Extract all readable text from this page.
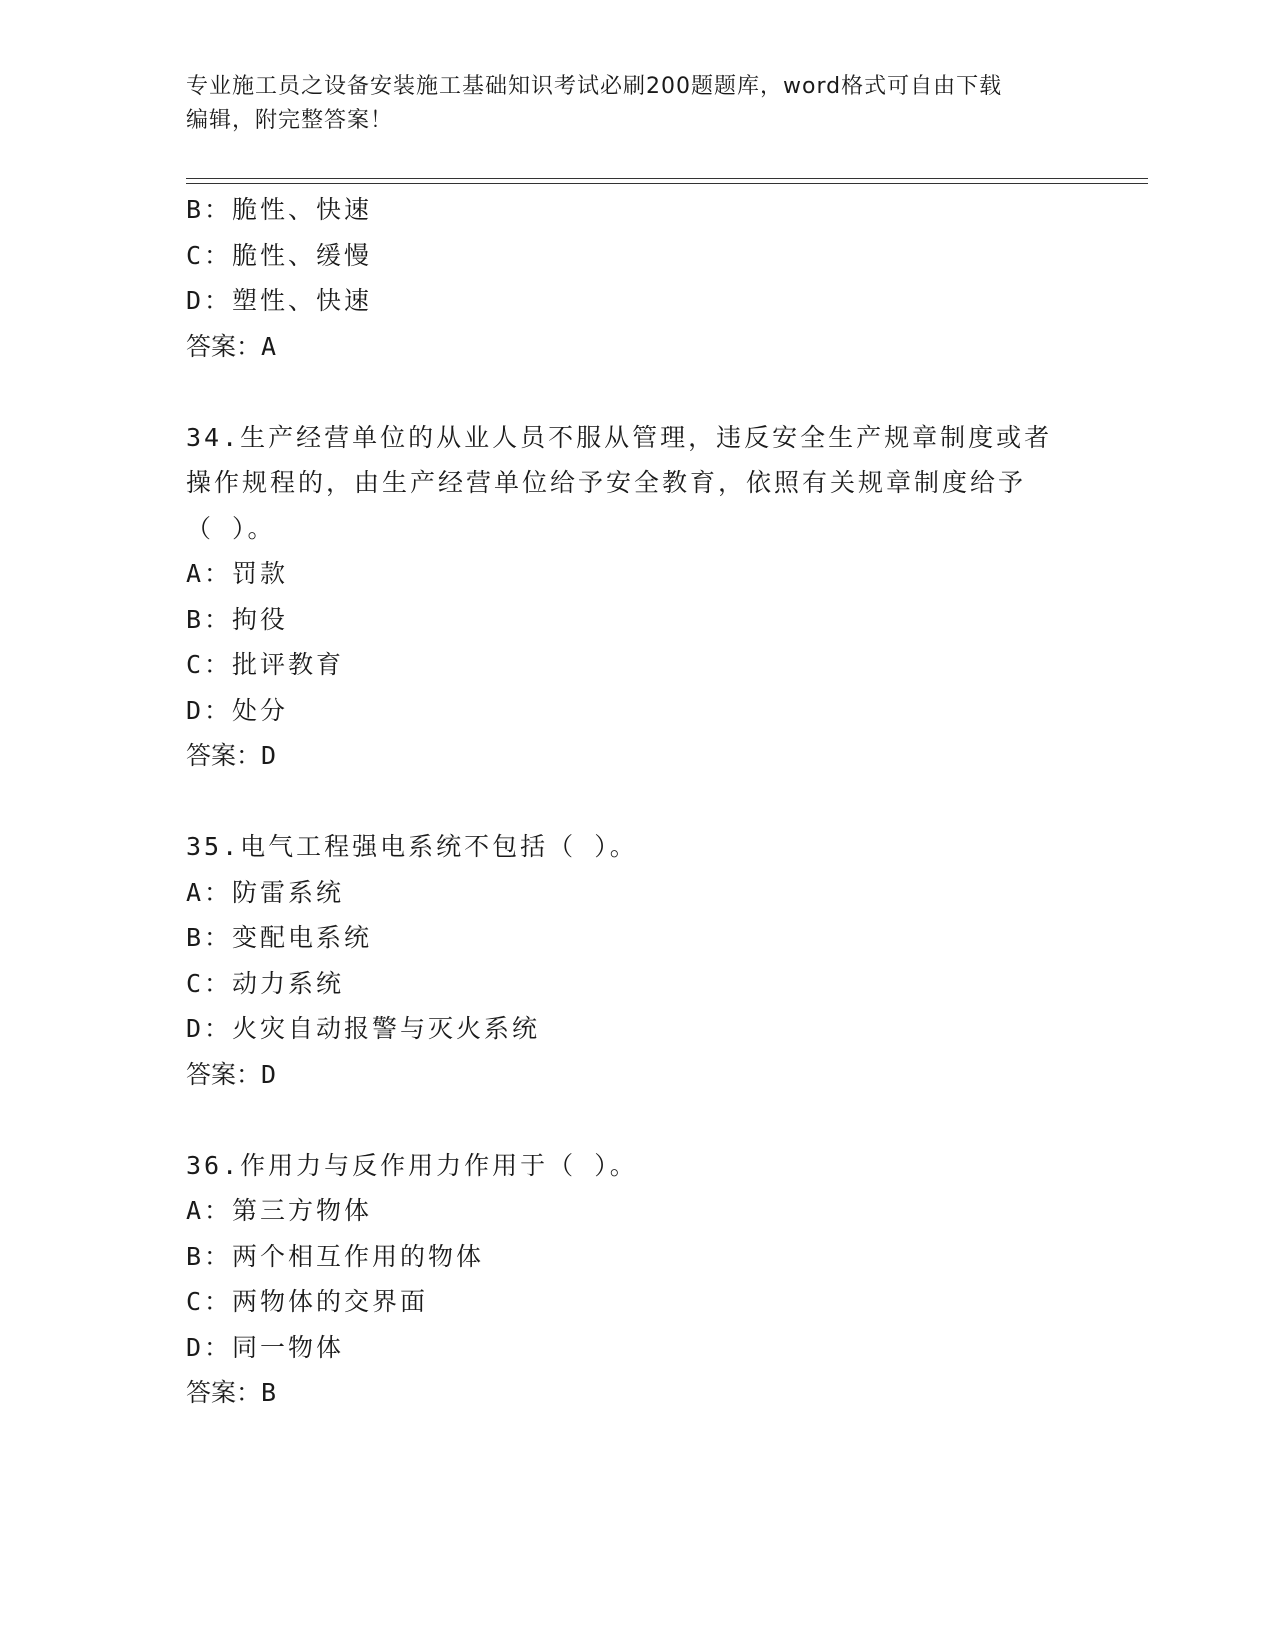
专业施工员之设备安装施工基础知识考试必刷200题题库，word格式可自由下载
编辑，附完整答案！
B：脆性、快速
C：脆性、缓慢
D：塑性、快速
答案：A
34.生产经营单位的从业人员不服从管理，违反安全生产规章制度或者
操作规程的，由生产经营单位给予安全教育，依照有关规章制度给予
（ ）。
A：罚款
B：拘役
C：批评教育
D：处分
答案：D
35.电气工程强电系统不包括（ ）。
A：防雷系统
B：变配电系统
C：动力系统
D：火灾自动报警与灭火系统
答案：D
36.作用力与反作用力作用于（ ）。
A：第三方物体
B：两个相互作用的物体
C：两物体的交界面
D：同一物体
答案：B
